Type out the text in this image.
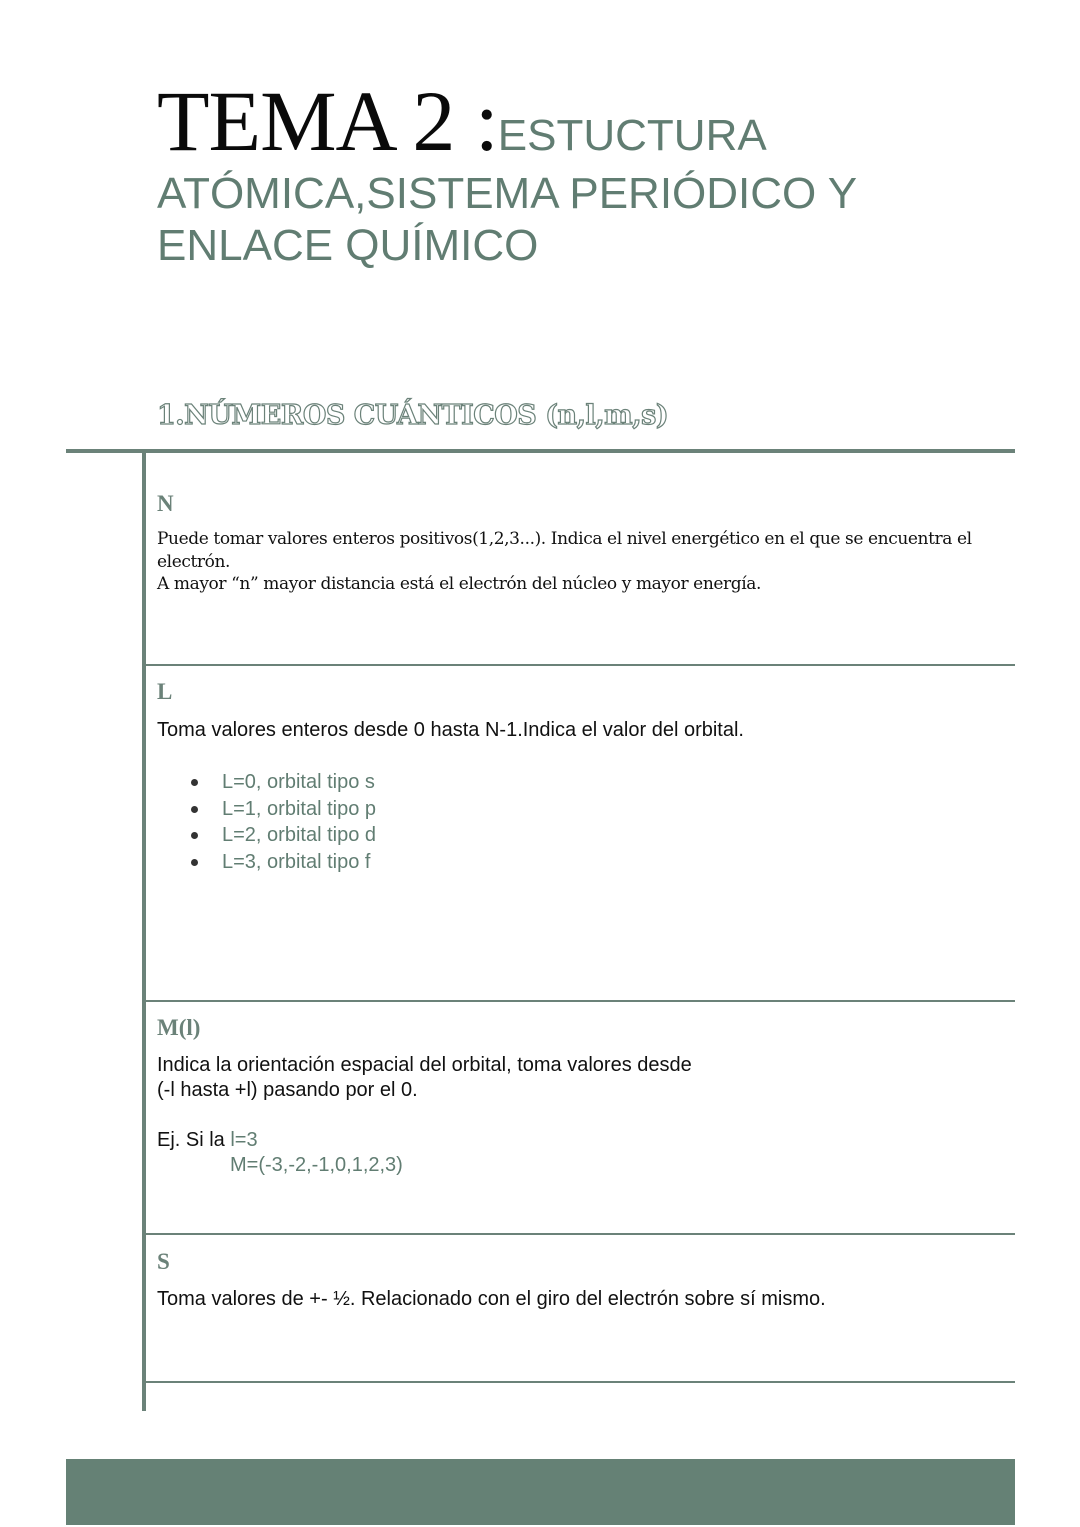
TEMA 2 :ESTUCTURA
ATÓMICA,SISTEMA PERIÓDICO Y
ENLACE QUÍMICO
1.NÚMEROS CUÁNTICOS (n,l,m,s)
N
Puede tomar valores enteros positivos(1,2,3...). Indica el nivel energético en el que se encuentra el electrón.
A mayor “n” mayor distancia está el electrón del núcleo y mayor energía.
L
Toma valores enteros desde 0 hasta N-1.Indica el valor del orbital.
L=0, orbital tipo s
L=1, orbital tipo p
L=2, orbital tipo d
L=3, orbital tipo f
M(l)
Indica la orientación espacial del orbital, toma valores desde
(-l hasta +l) pasando por el 0.
Ej. Si la l=3
M=(-3,-2,-1,0,1,2,3)
S
Toma valores de +- ½. Relacionado con el giro del electrón sobre sí mismo.
